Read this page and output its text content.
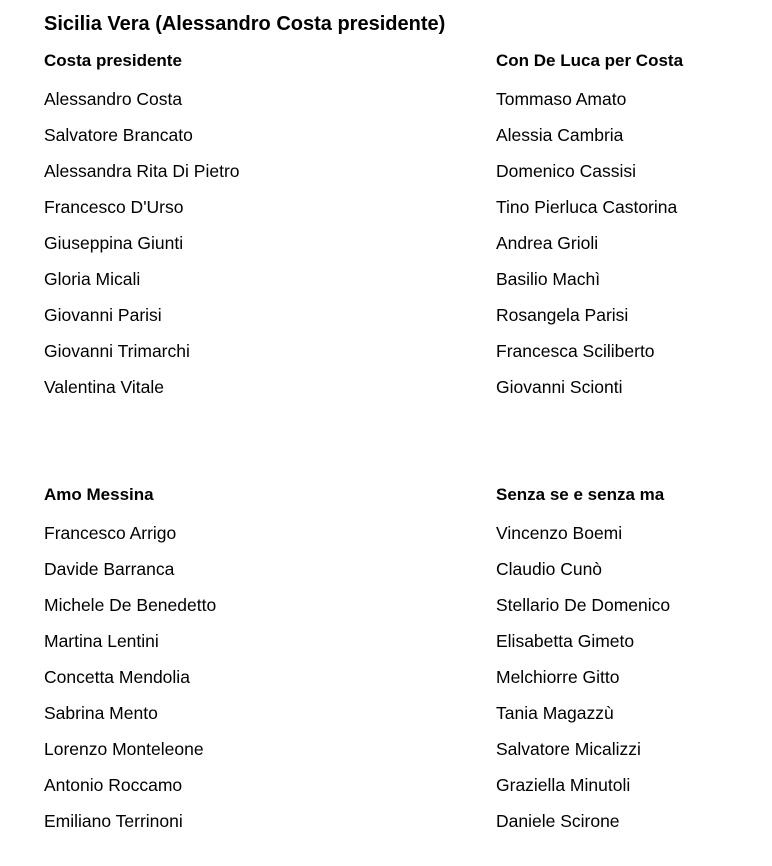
Sicilia Vera (Alessandro Costa presidente)
Costa presidente
Alessandro Costa
Salvatore Brancato
Alessandra Rita Di Pietro
Francesco D'Urso
Giuseppina Giunti
Gloria Micali
Giovanni Parisi
Giovanni Trimarchi
Valentina Vitale
Con De Luca per Costa
Tommaso Amato
Alessia Cambria
Domenico Cassisi
Tino Pierluca Castorina
Andrea Grioli
Basilio Machì
Rosangela Parisi
Francesca Sciliberto
Giovanni Scionti
Amo Messina
Francesco Arrigo
Davide Barranca
Michele De Benedetto
Martina Lentini
Concetta Mendolia
Sabrina Mento
Lorenzo Monteleone
Antonio Roccamo
Emiliano Terrinoni
Senza se e senza ma
Vincenzo Boemi
Claudio Cunò
Stellario De Domenico
Elisabetta Gimeto
Melchiorre Gitto
Tania Magazzù
Salvatore Micalizzi
Graziella Minutoli
Daniele Scirone
